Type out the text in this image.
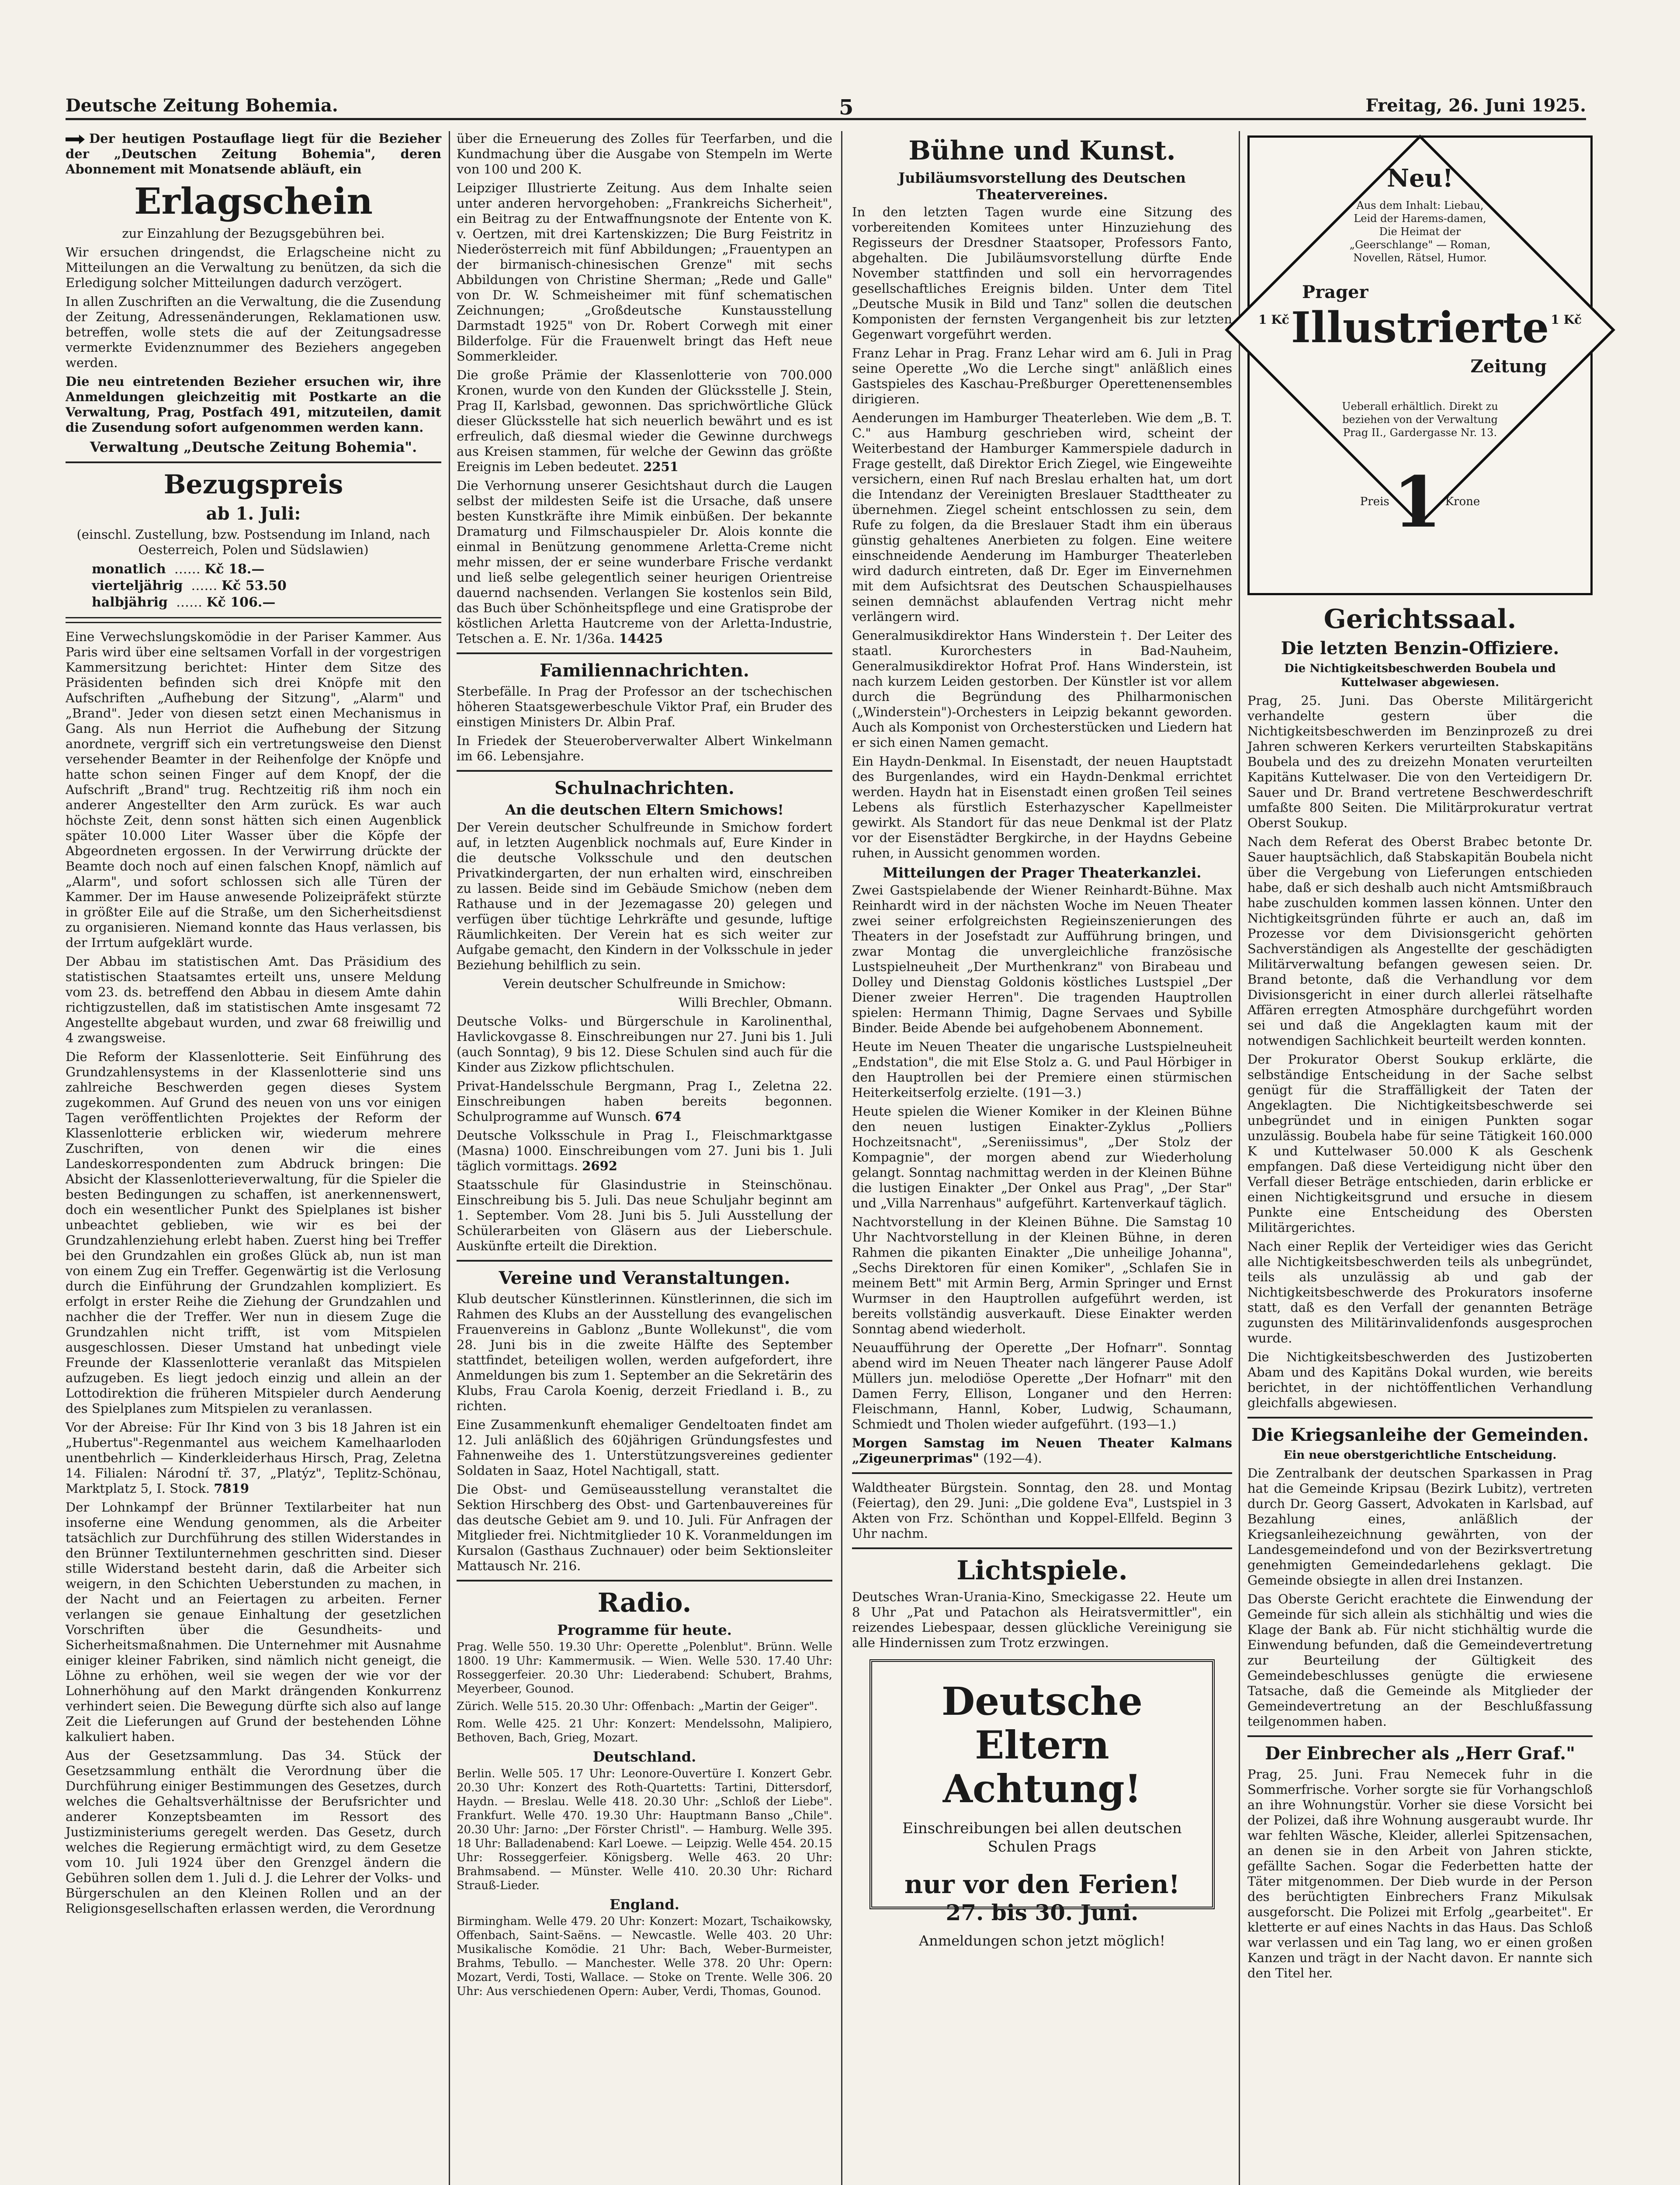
Deutsche Zeitung Bohemia.	5	Freitag, 26. Juni 1925.

Der heutigen Postauflage liegt für die Bezieher der „Deutschen Zeitung Bohemia", deren Abonnement mit Monatsende abläuft, ein

Erlagschein

zur Einzahlung der Bezugsgebühren bei.

Wir ersuchen dringendst, die Erlagscheine nicht zu Mitteilungen an die Verwaltung zu benützen, da sich die Erledigung solcher Mitteilungen dadurch verzögert.

In allen Zuschriften an die Verwaltung, die die Zusendung der Zeitung, Adressenänderungen, Reklamationen usw. betreffen, wolle stets die auf der Zeitungsadresse vermerkte Evidenznummer des Beziehers angegeben werden.

Die neu eintretenden Bezieher ersuchen wir, ihre Anmeldungen gleichzeitig mit Postkarte an die Verwaltung, Prag, Postfach 491, mitzuteilen, damit die Zusendung sofort aufgenommen werden kann.

Verwaltung „Deutsche Zeitung Bohemia".
Bezugspreis
ab 1. Juli:

(einschl. Zustellung, bzw. Postsendung im Inland, nach Oesterreich, Polen und Südslawien)

monatlich  …… Kč 18.—
vierteljährig  …… Kč 53.50
halbjährig  …… Kč 106.—

Eine Verwechslungskomödie in der Pariser Kammer. Aus Paris wird über eine seltsamen Vorfall in der vorgestrigen Kammersitzung berichtet: Hinter dem Sitze des Präsidenten befinden sich drei Knöpfe mit den Aufschriften „Aufhebung der Sitzung", „Alarm" und „Brand". Jeder von diesen setzt einen Mechanismus in Gang. Als nun Herriot die Aufhebung der Sitzung anordnete, vergriff sich ein vertretungsweise den Dienst versehender Beamter in der Reihenfolge der Knöpfe und hatte schon seinen Finger auf dem Knopf, der die Aufschrift „Brand" trug. Rechtzeitig riß ihm noch ein anderer Angestellter den Arm zurück. Es war auch höchste Zeit, denn sonst hätten sich einen Augenblick später 10.000 Liter Wasser über die Köpfe der Abgeordneten ergossen. In der Verwirrung drückte der Beamte doch noch auf einen falschen Knopf, nämlich auf „Alarm", und sofort schlossen sich alle Türen der Kammer. Der im Hause anwesende Polizeipräfekt stürzte in größter Eile auf die Straße, um den Sicherheitsdienst zu organisieren. Niemand konnte das Haus verlassen, bis der Irrtum aufgeklärt wurde.

Der Abbau im statistischen Amt. Das Präsidium des statistischen Staatsamtes erteilt uns, unsere Meldung vom 23. ds. betreffend den Abbau in diesem Amte dahin richtigzustellen, daß im statistischen Amte insgesamt 72 Angestellte abgebaut wurden, und zwar 68 freiwillig und 4 zwangsweise.

Die Reform der Klassenlotterie. Seit Einführung des Grundzahlensystems in der Klassenlotterie sind uns zahlreiche Beschwerden gegen dieses System zugekommen. Auf Grund des neuen von uns vor einigen Tagen veröffentlichten Projektes der Reform der Klassenlotterie erblicken wir, wiederum mehrere Zuschriften, von denen wir die eines Landeskorrespondenten zum Abdruck bringen: Die Absicht der Klassenlotterieverwaltung, für die Spieler die besten Bedingungen zu schaffen, ist anerkennenswert, doch ein wesentlicher Punkt des Spielplanes ist bisher unbeachtet geblieben, wie wir es bei der Grundzahlenziehung erlebt haben. Zuerst hing bei Treffer bei den Grundzahlen ein großes Glück ab, nun ist man von einem Zug ein Treffer. Gegenwärtig ist die Verlosung durch die Einführung der Grundzahlen kompliziert. Es erfolgt in erster Reihe die Ziehung der Grundzahlen und nachher die der Treffer. Wer nun in diesem Zuge die Grundzahlen nicht trifft, ist vom Mitspielen ausgeschlossen. Dieser Umstand hat unbedingt viele Freunde der Klassenlotterie veranlaßt das Mitspielen aufzugeben. Es liegt jedoch einzig und allein an der Lottodirektion die früheren Mitspieler durch Aenderung des Spielplanes zum Mitspielen zu veranlassen.

Vor der Abreise: Für Ihr Kind von 3 bis 18 Jahren ist ein „Hubertus"-Regenmantel aus weichem Kamelhaarloden unentbehrlich — Kinderkleiderhaus Hirsch, Prag, Zeletna 14. Filialen: Národní tř. 37, „Platýz", Teplitz-Schönau, Marktplatz 5, I. Stock. 7819

Der Lohnkampf der Brünner Textilarbeiter hat nun insoferne eine Wendung genommen, als die Arbeiter tatsächlich zur Durchführung des stillen Widerstandes in den Brünner Textilunternehmen geschritten sind. Dieser stille Widerstand besteht darin, daß die Arbeiter sich weigern, in den Schichten Ueberstunden zu machen, in der Nacht und an Feiertagen zu arbeiten. Ferner verlangen sie genaue Einhaltung der gesetzlichen Vorschriften über die Gesundheits- und Sicherheitsmaßnahmen. Die Unternehmer mit Ausnahme einiger kleiner Fabriken, sind nämlich nicht geneigt, die Löhne zu erhöhen, weil sie wegen der wie vor der Lohnerhöhung auf den Markt drängenden Konkurrenz verhindert seien. Die Bewegung dürfte sich also auf lange Zeit die Lieferungen auf Grund der bestehenden Löhne kalkuliert haben.

Aus der Gesetzsammlung. Das 34. Stück der Gesetzsammlung enthält die Verordnung über die Durchführung einiger Bestimmungen des Gesetzes, durch welches die Gehaltsverhältnisse der Berufsrichter und anderer Konzeptsbeamten im Ressort des Justizministeriums geregelt werden. Das Gesetz, durch welches die Regierung ermächtigt wird, zu dem Gesetze vom 10. Juli 1924 über den Grenzgel ändern die Gebühren sollen dem 1. Juli d. J. die Lehrer der Volks- und Bürgerschulen an den Kleinen Rollen und an der Religionsgesellschaften erlassen werden, die Verordnung

über die Erneuerung des Zolles für Teerfarben, und die Kundmachung über die Ausgabe von Stempeln im Werte von 100 und 200 K.

Leipziger Illustrierte Zeitung. Aus dem Inhalte seien unter anderen hervorgehoben: „Frankreichs Sicherheit", ein Beitrag zu der Entwaffnungsnote der Entente von K. v. Oertzen, mit drei Kartenskizzen; Die Burg Feistritz in Niederösterreich mit fünf Abbildungen; „Frauentypen an der birmanisch-chinesischen Grenze" mit sechs Abbildungen von Christine Sherman; „Rede und Galle" von Dr. W. Schmeisheimer mit fünf schematischen Zeichnungen; „Großdeutsche Kunstausstellung Darmstadt 1925" von Dr. Robert Corwegh mit einer Bilderfolge. Für die Frauenwelt bringt das Heft neue Sommerkleider.

Die große Prämie der Klassenlotterie von 700.000 Kronen, wurde von den Kunden der Glücksstelle J. Stein, Prag II, Karlsbad, gewonnen. Das sprichwörtliche Glück dieser Glücksstelle hat sich neuerlich bewährt und es ist erfreulich, daß diesmal wieder die Gewinne durchwegs aus Kreisen stammen, für welche der Gewinn das größte Ereignis im Leben bedeutet. 2251

Die Verhornung unserer Gesichtshaut durch die Laugen selbst der mildesten Seife ist die Ursache, daß unsere besten Kunstkräfte ihre Mimik einbüßen. Der bekannte Dramaturg und Filmschauspieler Dr. Alois konnte die einmal in Benützung genommene Arletta-Creme nicht mehr missen, der er seine wunderbare Frische verdankt und ließ selbe gelegentlich seiner heurigen Orientreise dauernd nachsenden. Verlangen Sie kostenlos sein Bild, das Buch über Schönheitspflege und eine Gratisprobe der köstlichen Arletta Hautcreme von der Arletta-Industrie, Tetschen a. E. Nr. 1/36a. 14425

Familiennachrichten.

Sterbefälle. In Prag der Professor an der tschechischen höheren Staatsgewerbeschule Viktor Praf, ein Bruder des einstigen Ministers Dr. Albin Praf.

In Friedek der Steueroberverwalter Albert Winkelmann im 66. Lebensjahre.

Schulnachrichten.
An die deutschen Eltern Smichows!

Der Verein deutscher Schulfreunde in Smichow fordert auf, in letzten Augenblick nochmals auf, Eure Kinder in die deutsche Volksschule und den deutschen Privatkindergarten, der nun erhalten wird, einschreiben zu lassen. Beide sind im Gebäude Smichow (neben dem Rathause und in der Jezemagasse 20) gelegen und verfügen über tüchtige Lehrkräfte und gesunde, luftige Räumlichkeiten. Der Verein hat es sich weiter zur Aufgabe gemacht, den Kindern in der Volksschule in jeder Beziehung behilflich zu sein.

Verein deutscher Schulfreunde in Smichow:

Willi Brechler, Obmann.

Deutsche Volks- und Bürgerschule in Karolinenthal, Havlickovgasse 8. Einschreibungen nur 27. Juni bis 1. Juli (auch Sonntag), 9 bis 12. Diese Schulen sind auch für die Kinder aus Zizkow pflichtschulen.

Privat-Handelsschule Bergmann, Prag I., Zeletna 22. Einschreibungen haben bereits begonnen. Schulprogramme auf Wunsch. 674

Deutsche Volksschule in Prag I., Fleischmarktgasse (Masna) 1000. Einschreibungen vom 27. Juni bis 1. Juli täglich vormittags. 2692

Staatsschule für Glasindustrie in Steinschönau. Einschreibung bis 5. Juli. Das neue Schuljahr beginnt am 1. September. Vom 28. Juni bis 5. Juli Ausstellung der Schülerarbeiten von Gläsern aus der Lieberschule. Auskünfte erteilt die Direktion.

Vereine und Veranstaltungen.

Klub deutscher Künstlerinnen. Künstlerinnen, die sich im Rahmen des Klubs an der Ausstellung des evangelischen Frauenvereins in Gablonz „Bunte Wollekunst", die vom 28. Juni bis in die zweite Hälfte des September stattfindet, beteiligen wollen, werden aufgefordert, ihre Anmeldungen bis zum 1. September an die Sekretärin des Klubs, Frau Carola Koenig, derzeit Friedland i. B., zu richten.

Eine Zusammenkunft ehemaliger Gendeltoaten findet am 12. Juli anläßlich des 60jährigen Gründungsfestes und Fahnenweihe des 1. Unterstützungsvereines gedienter Soldaten in Saaz, Hotel Nachtigall, statt.

Die Obst- und Gemüseausstellung veranstaltet die Sektion Hirschberg des Obst- und Gartenbauvereines für das deutsche Gebiet am 9. und 10. Juli. Für Anfragen der Mitglieder frei. Nichtmitglieder 10 K. Voranmeldungen im Kursalon (Gasthaus Zuchnauer) oder beim Sektionsleiter Mattausch Nr. 216.

Radio.
Programme für heute.

Prag. Welle 550. 19.30 Uhr: Operette „Polenblut". Brünn. Welle 1800. 19 Uhr: Kammermusik. — Wien. Welle 530. 17.40 Uhr: Rosseggerfeier. 20.30 Uhr: Liederabend: Schubert, Brahms, Meyerbeer, Gounod.

Zürich. Welle 515. 20.30 Uhr: Offenbach: „Martin der Geiger".

Rom. Welle 425. 21 Uhr: Konzert: Mendelssohn, Malipiero, Bethoven, Bach, Grieg, Mozart.

Deutschland.

Berlin. Welle 505. 17 Uhr: Leonore-Ouvertüre I. Konzert Gebr. 20.30 Uhr: Konzert des Roth-Quartetts: Tartini, Dittersdorf, Haydn. — Breslau. Welle 418. 20.30 Uhr: „Schloß der Liebe". Frankfurt. Welle 470. 19.30 Uhr: Hauptmann Banso „Chile". 20.30 Uhr: Jarno: „Der Förster Christl". — Hamburg. Welle 395. 18 Uhr: Balladenabend: Karl Loewe. — Leipzig. Welle 454. 20.15 Uhr: Rosseggerfeier. Königsberg. Welle 463. 20 Uhr: Brahmsabend. — Münster. Welle 410. 20.30 Uhr: Richard Strauß-Lieder.

England.

Birmingham. Welle 479. 20 Uhr: Konzert: Mozart, Tschaikowsky, Offenbach, Saint-Saëns. — Newcastle. Welle 403. 20 Uhr: Musikalische Komödie. 21 Uhr: Bach, Weber-Burmeister, Brahms, Tebullo. — Manchester. Welle 378. 20 Uhr: Opern: Mozart, Verdi, Tosti, Wallace. — Stoke on Trente. Welle 306. 20 Uhr: Aus verschiedenen Opern: Auber, Verdi, Thomas, Gounod.

Bühne und Kunst.
Jubiläumsvorstellung des Deutschen Theatervereines.

In den letzten Tagen wurde eine Sitzung des vorbereitenden Komitees unter Hinzuziehung des Regisseurs der Dresdner Staatsoper, Professors Fanto, abgehalten. Die Jubiläumsvorstellung dürfte Ende November stattfinden und soll ein hervorragendes gesellschaftliches Ereignis bilden. Unter dem Titel „Deutsche Musik in Bild und Tanz" sollen die deutschen Komponisten der fernsten Vergangenheit bis zur letzten Gegenwart vorgeführt werden.

Franz Lehar in Prag. Franz Lehar wird am 6. Juli in Prag seine Operette „Wo die Lerche singt" anläßlich eines Gastspieles des Kaschau-Preßburger Operettenensembles dirigieren.

Aenderungen im Hamburger Theaterleben. Wie dem „B. T. C." aus Hamburg geschrieben wird, scheint der Weiterbestand der Hamburger Kammerspiele dadurch in Frage gestellt, daß Direktor Erich Ziegel, wie Eingeweihte versichern, einen Ruf nach Breslau erhalten hat, um dort die Intendanz der Vereinigten Breslauer Stadttheater zu übernehmen. Ziegel scheint entschlossen zu sein, dem Rufe zu folgen, da die Breslauer Stadt ihm ein überaus günstig gehaltenes Anerbieten zu folgen. Eine weitere einschneidende Aenderung im Hamburger Theaterleben wird dadurch eintreten, daß Dr. Eger im Einvernehmen mit dem Aufsichtsrat des Deutschen Schauspielhauses seinen demnächst ablaufenden Vertrag nicht mehr verlängern wird.

Generalmusikdirektor Hans Winderstein †. Der Leiter des staatl. Kurorchesters in Bad-Nauheim, Generalmusikdirektor Hofrat Prof. Hans Winderstein, ist nach kurzem Leiden gestorben. Der Künstler ist vor allem durch die Begründung des Philharmonischen („Winderstein")-Orchesters in Leipzig bekannt geworden. Auch als Komponist von Orchesterstücken und Liedern hat er sich einen Namen gemacht.

Ein Haydn-Denkmal. In Eisenstadt, der neuen Hauptstadt des Burgenlandes, wird ein Haydn-Denkmal errichtet werden. Haydn hat in Eisenstadt einen großen Teil seines Lebens als fürstlich Esterhazyscher Kapellmeister gewirkt. Als Standort für das neue Denkmal ist der Platz vor der Eisenstädter Bergkirche, in der Haydns Gebeine ruhen, in Aussicht genommen worden.

Mitteilungen der Prager Theaterkanzlei.

Zwei Gastspielabende der Wiener Reinhardt-Bühne. Max Reinhardt wird in der nächsten Woche im Neuen Theater zwei seiner erfolgreichsten Regieinszenierungen des Theaters in der Josefstadt zur Aufführung bringen, und zwar Montag die unvergleichliche französische Lustspielneuheit „Der Murthenkranz" von Birabeau und Dolley und Dienstag Goldonis köstliches Lustspiel „Der Diener zweier Herren". Die tragenden Hauptrollen spielen: Hermann Thimig, Dagne Servaes und Sybille Binder. Beide Abende bei aufgehobenem Abonnement.

Heute im Neuen Theater die ungarische Lustspielneuheit „Endstation", die mit Else Stolz a. G. und Paul Hörbiger in den Hauptrollen bei der Premiere einen stürmischen Heiterkeitserfolg erzielte. (191—3.)

Heute spielen die Wiener Komiker in der Kleinen Bühne den neuen lustigen Einakter-Zyklus „Polliers Hochzeitsnacht", „Sereniissimus", „Der Stolz der Kompagnie", der morgen abend zur Wiederholung gelangt. Sonntag nachmittag werden in der Kleinen Bühne die lustigen Einakter „Der Onkel aus Prag", „Der Star" und „Villa Narrenhaus" aufgeführt. Kartenverkauf täglich.

Nachtvorstellung in der Kleinen Bühne. Die Samstag 10 Uhr Nachtvorstellung in der Kleinen Bühne, in deren Rahmen die pikanten Einakter „Die unheilige Johanna", „Sechs Direktoren für einen Komiker", „Schlafen Sie in meinem Bett" mit Armin Berg, Armin Springer und Ernst Wurmser in den Hauptrollen aufgeführt werden, ist bereits vollständig ausverkauft. Diese Einakter werden Sonntag abend wiederholt.

Neuaufführung der Operette „Der Hofnarr". Sonntag abend wird im Neuen Theater nach längerer Pause Adolf Müllers jun. melodiöse Operette „Der Hofnarr" mit den Damen Ferry, Ellison, Longaner und den Herren: Fleischmann, Hannl, Kober, Ludwig, Schaumann, Schmiedt und Tholen wieder aufgeführt. (193—1.)

Morgen Samstag im Neuen Theater Kalmans „Zigeunerprimas" (192—4).

Waldtheater Bürgstein. Sonntag, den 28. und Montag (Feiertag), den 29. Juni: „Die goldene Eva", Lustspiel in 3 Akten von Frz. Schönthan und Koppel-Ellfeld. Beginn 3 Uhr nachm.

Lichtspiele.

Deutsches Wran-Urania-Kino, Smeckigasse 22. Heute um 8 Uhr „Pat und Patachon als Heiratsvermittler", ein reizendes Liebespaar, dessen glückliche Vereinigung sie alle Hindernissen zum Trotz erzwingen.

Deutsche Eltern Achtung!
Einschreibungen bei allen deutschen Schulen Prags
nur vor den Ferien!
27. bis 30. Juni.
Anmeldungen schon jetzt möglich!
Neu!
Aus dem Inhalt: Liebau, Leid der Harems-damen, Die Heimat der „Geerschlange" — Roman, Novellen, Rätsel, Humor.
Prager
Illustrierte
1 Kč	1 Kč
Zeitung
Ueberall erhältlich. Direkt zu beziehen von der Verwaltung Prag II., Gardergasse Nr. 13.
Preis 1 Krone
Gerichtssaal.
Die letzten Benzin-Offiziere.

Die Nichtigkeitsbeschwerden Boubela und Kuttelwaser abgewiesen.

Prag, 25. Juni. Das Oberste Militärgericht verhandelte gestern über die Nichtigkeitsbeschwerden im Benzinprozeß zu drei Jahren schweren Kerkers verurteilten Stabskapitäns Boubela und des zu dreizehn Monaten verurteilten Kapitäns Kuttelwaser. Die von den Verteidigern Dr. Sauer und Dr. Brand vertretene Beschwerdeschrift umfaßte 800 Seiten. Die Militärprokuratur vertrat Oberst Soukup.

Nach dem Referat des Oberst Brabec betonte Dr. Sauer hauptsächlich, daß Stabskapitän Boubela nicht über die Vergebung von Lieferungen entschieden habe, daß er sich deshalb auch nicht Amtsmißbrauch habe zuschulden kommen lassen können. Unter den Nichtigkeitsgründen führte er auch an, daß im Prozesse vor dem Divisionsgericht gehörten Sachverständigen als Angestellte der geschädigten Militärverwaltung befangen gewesen seien. Dr. Brand betonte, daß die Verhandlung vor dem Divisionsgericht in einer durch allerlei rätselhafte Affären erregten Atmosphäre durchgeführt worden sei und daß die Angeklagten kaum mit der notwendigen Sachlichkeit beurteilt werden konnten.

Der Prokurator Oberst Soukup erklärte, die selbständige Entscheidung in der Sache selbst genügt für die Straffälligkeit der Taten der Angeklagten. Die Nichtigkeitsbeschwerde sei unbegründet und in einigen Punkten sogar unzulässig. Boubela habe für seine Tätigkeit 160.000 K und Kuttelwaser 50.000 K als Geschenk empfangen. Daß diese Verteidigung nicht über den Verfall dieser Beträge entschieden, darin erblicke er einen Nichtigkeitsgrund und ersuche in diesem Punkte eine Entscheidung des Obersten Militärgerichtes.

Nach einer Replik der Verteidiger wies das Gericht alle Nichtigkeitsbeschwerden teils als unbegründet, teils als unzulässig ab und gab der Nichtigkeitsbeschwerde des Prokurators insoferne statt, daß es den Verfall der genannten Beträge zugunsten des Militärinvalidenfonds ausgesprochen wurde.

Die Nichtigkeitsbeschwerden des Justizoberten Abam und des Kapitäns Dokal wurden, wie bereits berichtet, in der nichtöffentlichen Verhandlung gleichfalls abgewiesen.

Die Kriegsanleihe der Gemeinden.

Ein neue oberstgerichtliche Entscheidung.

Die Zentralbank der deutschen Sparkassen in Prag hat die Gemeinde Kripsau (Bezirk Lubitz), vertreten durch Dr. Georg Gassert, Advokaten in Karlsbad, auf Bezahlung eines, anläßlich der Kriegsanleihezeichnung gewährten, von der Landesgemeindefond und von der Bezirksvertretung genehmigten Gemeindedarlehens geklagt. Die Gemeinde obsiegte in allen drei Instanzen.

Das Oberste Gericht erachtete die Einwendung der Gemeinde für sich allein als stichhältig und wies die Klage der Bank ab. Für nicht stichhältig wurde die Einwendung befunden, daß die Gemeindevertretung zur Beurteilung der Gültigkeit des Gemeindebeschlusses genügte die erwiesene Tatsache, daß die Gemeinde als Mitglieder der Gemeindevertretung an der Beschlußfassung teilgenommen haben.

Der Einbrecher als „Herr Graf."

Prag, 25. Juni. Frau Nemecek fuhr in die Sommerfrische. Vorher sorgte sie für Vorhangschloß an ihre Wohnungstür. Vorher sie diese Vorsicht bei der Polizei, daß ihre Wohnung ausgeraubt wurde. Ihr war fehlten Wäsche, Kleider, allerlei Spitzensachen, an denen sie in den Arbeit von Jahren stickte, gefällte Sachen. Sogar die Federbetten hatte der Täter mitgenommen. Der Dieb wurde in der Person des berüchtigten Einbrechers Franz Mikulsak ausgeforscht. Die Polizei mit Erfolg „gearbeitet". Er kletterte er auf eines Nachts in das Haus. Das Schloß war verlassen und ein Tag lang, wo er einen großen Kanzen und trägt in der Nacht davon. Er nannte sich den Titel her.
